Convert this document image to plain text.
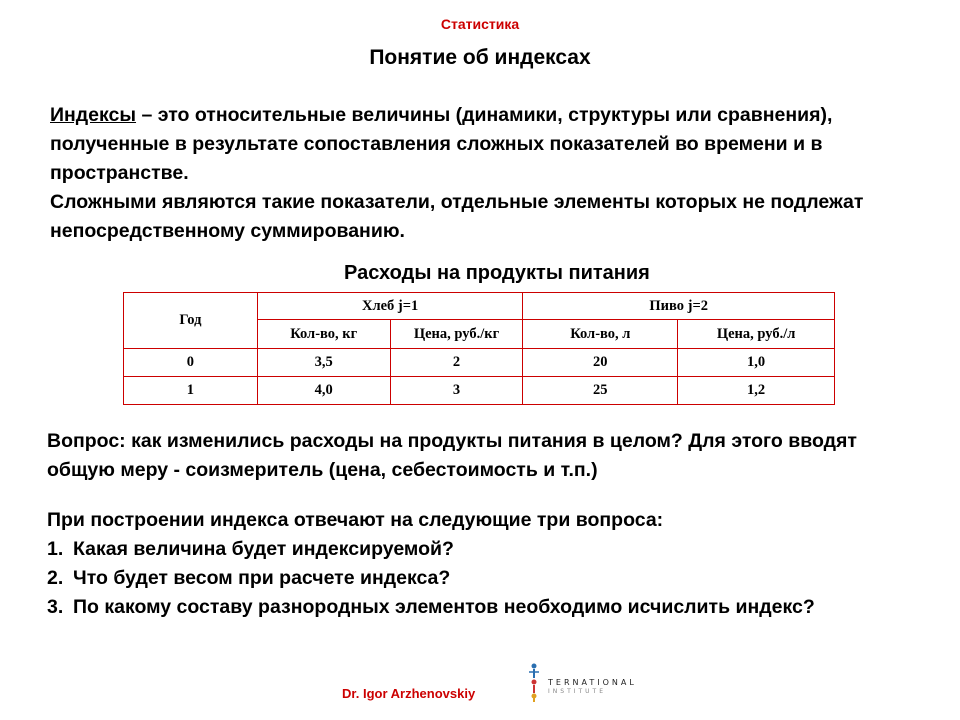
Статистика
Понятие об индексах

Индексы – это относительные величины (динамики, структуры или сравнения), полученные в результате сопоставления сложных показателей во времени и в пространстве.

Сложными являются такие показатели, отдельные элементы которых не подлежат непосредственному суммированию.

Расходы на продукты питания
Год	Хлеб j=1		Пиво j=2	
	Кол-во, кг	Цена, руб./кг	Кол-во, л	Цена, руб./л
0	3,5	2	20	1,0
1	4,0	3	25	1,2

Вопрос: как изменились расходы на продукты питания в целом? Для этого вводят общую меру - соизмеритель (цена, себестоимость и т.п.)

При построении индекса отвечают на следующие три вопроса:

1. Какая величина будет индексируемой?
2. Что будет весом при расчете индекса?
3. По какому составу разнородных элементов необходимо исчислить индекс?
Dr. Igor Arzhenovskiy
TERNATIONAL
INSTITUTE
